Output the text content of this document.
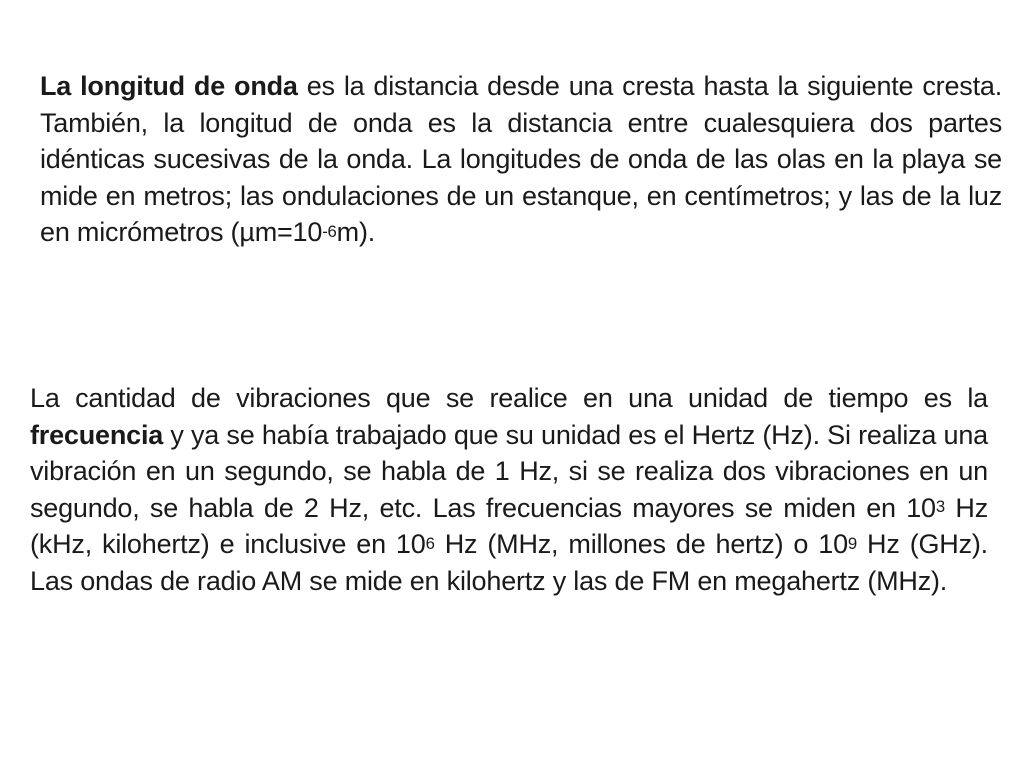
La longitud de onda es la distancia desde una cresta hasta la siguiente cresta. También, la longitud de onda es la distancia entre cualesquiera dos partes idénticas sucesivas de la onda. La longitudes de onda de las olas en la playa se mide en metros; las ondulaciones de un estanque, en centímetros; y las de la luz en micrómetros $(\mu m=10^{-6}m)$.
La cantidad de vibraciones que se realice en una unidad de tiempo es la frecuencia y ya se había trabajado que su unidad es el Hertz (Hz). Si realiza una vibración en un segundo, se habla de 1 Hz, si se realiza dos vibraciones en un segundo, se habla de 2 Hz, etc. Las frecuencias mayores se miden en $10^3$ Hz (kHz, kilohertz) e inclusive en $10^6$ Hz (MHz, millones de hertz) o $10^9$ Hz (GHz). Las ondas de radio AM se mide en kilohertz y las de FM en megahertz (MHz).
